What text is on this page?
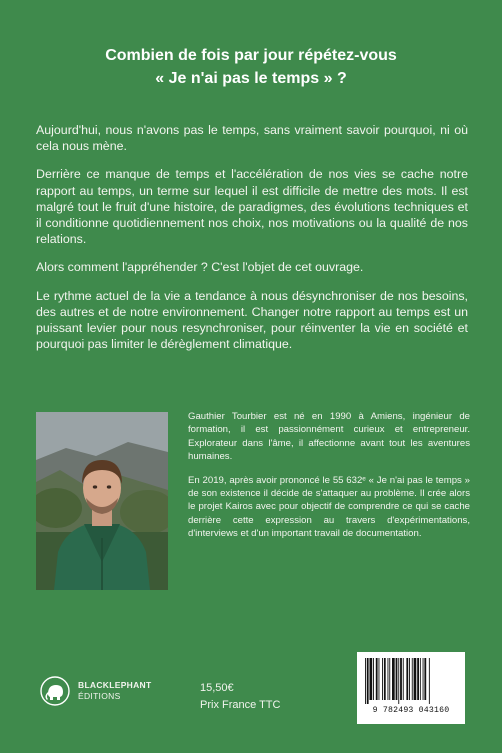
Combien de fois par jour répétez-vous
« Je n'ai pas le temps » ?

Aujourd'hui, nous n'avons pas le temps, sans vraiment savoir pourquoi, ni où cela nous mène.

Derrière ce manque de temps et l'accélération de nos vies se cache notre rapport au temps, un terme sur lequel il est difficile de mettre des mots. Il est malgré tout le fruit d'une histoire, de paradigmes, des évolutions techniques et il conditionne quotidiennement nos choix, nos motivations ou la qualité de nos relations.

Alors comment l'appréhender ? C'est l'objet de cet ouvrage.

Le rythme actuel de la vie a tendance à nous désynchroniser de nos besoins, des autres et de notre environnement. Changer notre rapport au temps est un puissant levier pour nous resynchroniser, pour réinventer la vie en société et pourquoi pas limiter le dérèglement climatique.

Gauthier Tourbier est né en 1990 à Amiens, ingénieur de formation, il est passionnément curieux et entrepreneur. Explorateur dans l'âme, il affectionne avant tout les aventures humaines.

En 2019, après avoir prononcé le 55 632ᵉ « Je n'ai pas le temps » de son existence il décide de s'attaquer au problème. Il crée alors le projet Kairos avec pour objectif de comprendre ce qui se cache derrière cette expression au travers d'expérimentations, d'interviews et d'un important travail de documentation.

BLACKLEPHANT
ÉDITIONS
15,50€
Prix France TTC	9 782493 043160
